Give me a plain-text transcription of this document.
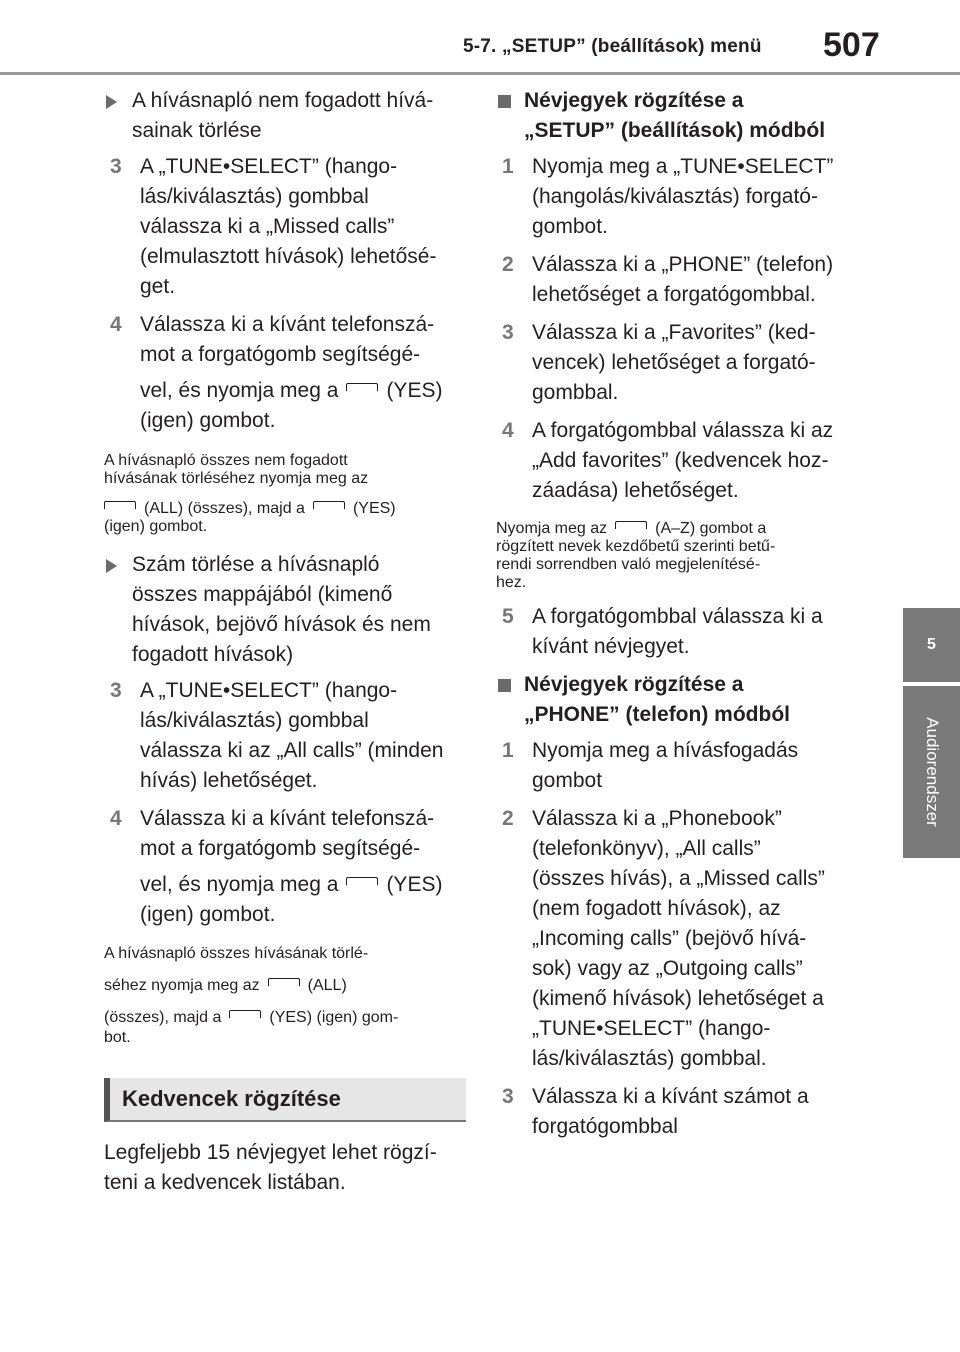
5-7. „SETUP” (beállítások) menü 507
5
Audiorendszer
A hívásnapló nem fogadott hívá-
sainak törlése
3 A „TUNE•SELECT” (hango-
lás/kiválasztás) gombbal
válassza ki a „Missed calls”
(elmulasztott hívások) lehetősé-
get.
4 Válassza ki a kívánt telefonszá-
mot a forgatógomb segítségé-
vel, és nyomja meg a (YES)
(igen) gombot.
A hívásnapló összes nem fogadott
hívásának törléséhez nyomja meg az
(ALL) (összes), majd a	(YES)
(igen) gombot.
Szám törlése a hívásnapló
összes mappájából (kimenő
hívások, bejövő hívások és nem
fogadott hívások)
3 A „TUNE•SELECT” (hango-
lás/kiválasztás) gombbal
válassza ki az „All calls” (minden
hívás) lehetőséget.
4 Válassza ki a kívánt telefonszá-
mot a forgatógomb segítségé-
vel, és nyomja meg a (YES)
(igen) gombot.
A hívásnapló összes hívásának törlé-
séhez nyomja meg az	(ALL)
(összes), majd a	(YES) (igen) gom-
bot.
Kedvencek rögzítése
Legfeljebb 15 névjegyet lehet rögzí-
teni a kedvencek listában.
Névjegyek rögzítése a
„SETUP” (beállítások) módból
1 Nyomja meg a „TUNE•SELECT”
(hangolás/kiválasztás) forgató-
gombot.
2 Válassza ki a „PHONE” (telefon)
lehetőséget a forgatógombbal.
3 Válassza ki a „Favorites” (ked-
vencek) lehetőséget a forgató-
gombbal.
4 A forgatógombbal válassza ki az
„Add favorites” (kedvencek hoz-
záadása) lehetőséget.
Nyomja meg az	(A–Z) gombot a
rögzített nevek kezdőbetű szerinti betű-
rendi sorrendben való megjelenítésé-
hez.
5 A forgatógombbal válassza ki a
kívánt névjegyet.
Névjegyek rögzítése a
„PHONE” (telefon) módból
1 Nyomja meg a hívásfogadás
gombot
2 Válassza ki a „Phonebook”
(telefonkönyv), „All calls”
(összes hívás), a „Missed calls”
(nem fogadott hívások), az
„Incoming calls” (bejövő hívá-
sok) vagy az „Outgoing calls”
(kimenő hívások) lehetőséget a
„TUNE•SELECT” (hango-
lás/kiválasztás) gombbal.
3 Válassza ki a kívánt számot a
forgatógombbal
